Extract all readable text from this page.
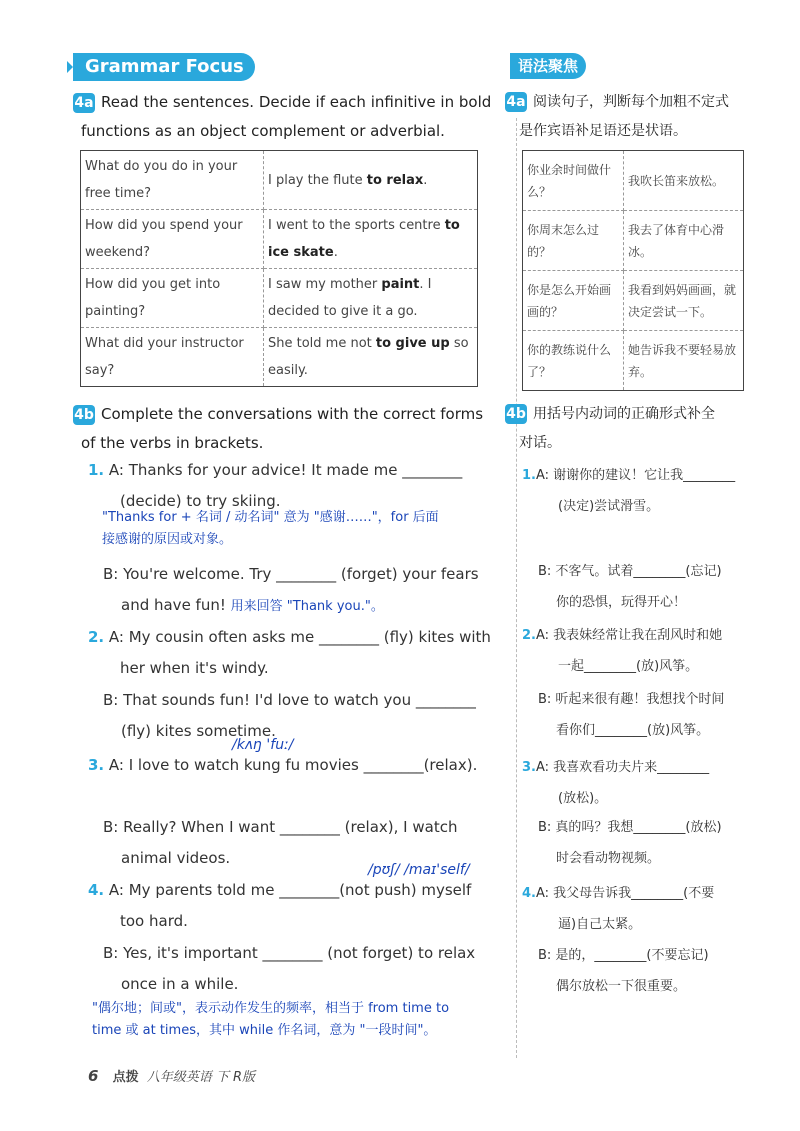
Grammar Focus
4a Read the sentences. Decide if each infinitive in bold
functions as an object complement or adverbial.
What do you do in your
free time?	I play the flute to relax.
How did you spend your
weekend?	I went to the sports centre to ice skate.
How did you get into
painting?	I saw my mother paint. I decided to give it a go.
What did your instructor
say?	She told me not to give up so easily.
4b Complete the conversations with the correct forms
of the verbs in brackets.
1. A: Thanks for your advice! It made me ________
(decide) to try skiing.
"Thanks for + 名词 / 动名词" 意为 "感谢……"，for 后面
接感谢的原因或对象。
B: You're welcome. Try ________ (forget) your fears
and have fun! 用来回答 "Thank you."。
2. A: My cousin often asks me ________ (fly) kites with
her when it's windy.
B: That sounds fun! I'd love to watch you ________
(fly) kites sometime.
/kʌŋ 'fuː/
3. A: I love to watch kung fu movies ________(relax).
B: Really? When I want ________ (relax), I watch
animal videos.
/pʊʃ/ /maɪ'self/
4. A: My parents told me ________(not push) myself
too hard.
B: Yes, it's important ________ (not forget) to relax
once in a while.
"偶尔地；间或"，表示动作发生的频率，相当于 from time to
time 或 at times，其中 while 作名词，意为 "一段时间"。
语法聚焦
4a 阅读句子，判断每个加粗不定式
是作宾语补足语还是状语。
你业余时间做什么？	我吹长笛来放松。
你周末怎么过的？	我去了体育中心滑冰。
你是怎么开始画画的？	我看到妈妈画画，就决定尝试一下。
你的教练说什么了？	她告诉我不要轻易放弃。
4b 用括号内动词的正确形式补全
对话。
1.A: 谢谢你的建议！它让我________
(决定)尝试滑雪。
B: 不客气。试着________(忘记)
你的恐惧，玩得开心！
2.A: 我表妹经常让我在刮风时和她
一起________(放)风筝。
B: 听起来很有趣！我想找个时间
看你们________(放)风筝。
3.A: 我喜欢看功夫片来________
(放松)。
B: 真的吗？我想________(放松)
时会看动物视频。
4.A: 我父母告诉我________(不要
逼)自己太紧。
B: 是的，________(不要忘记)
偶尔放松一下很重要。
6 点拨 八年级英语 下 R版
